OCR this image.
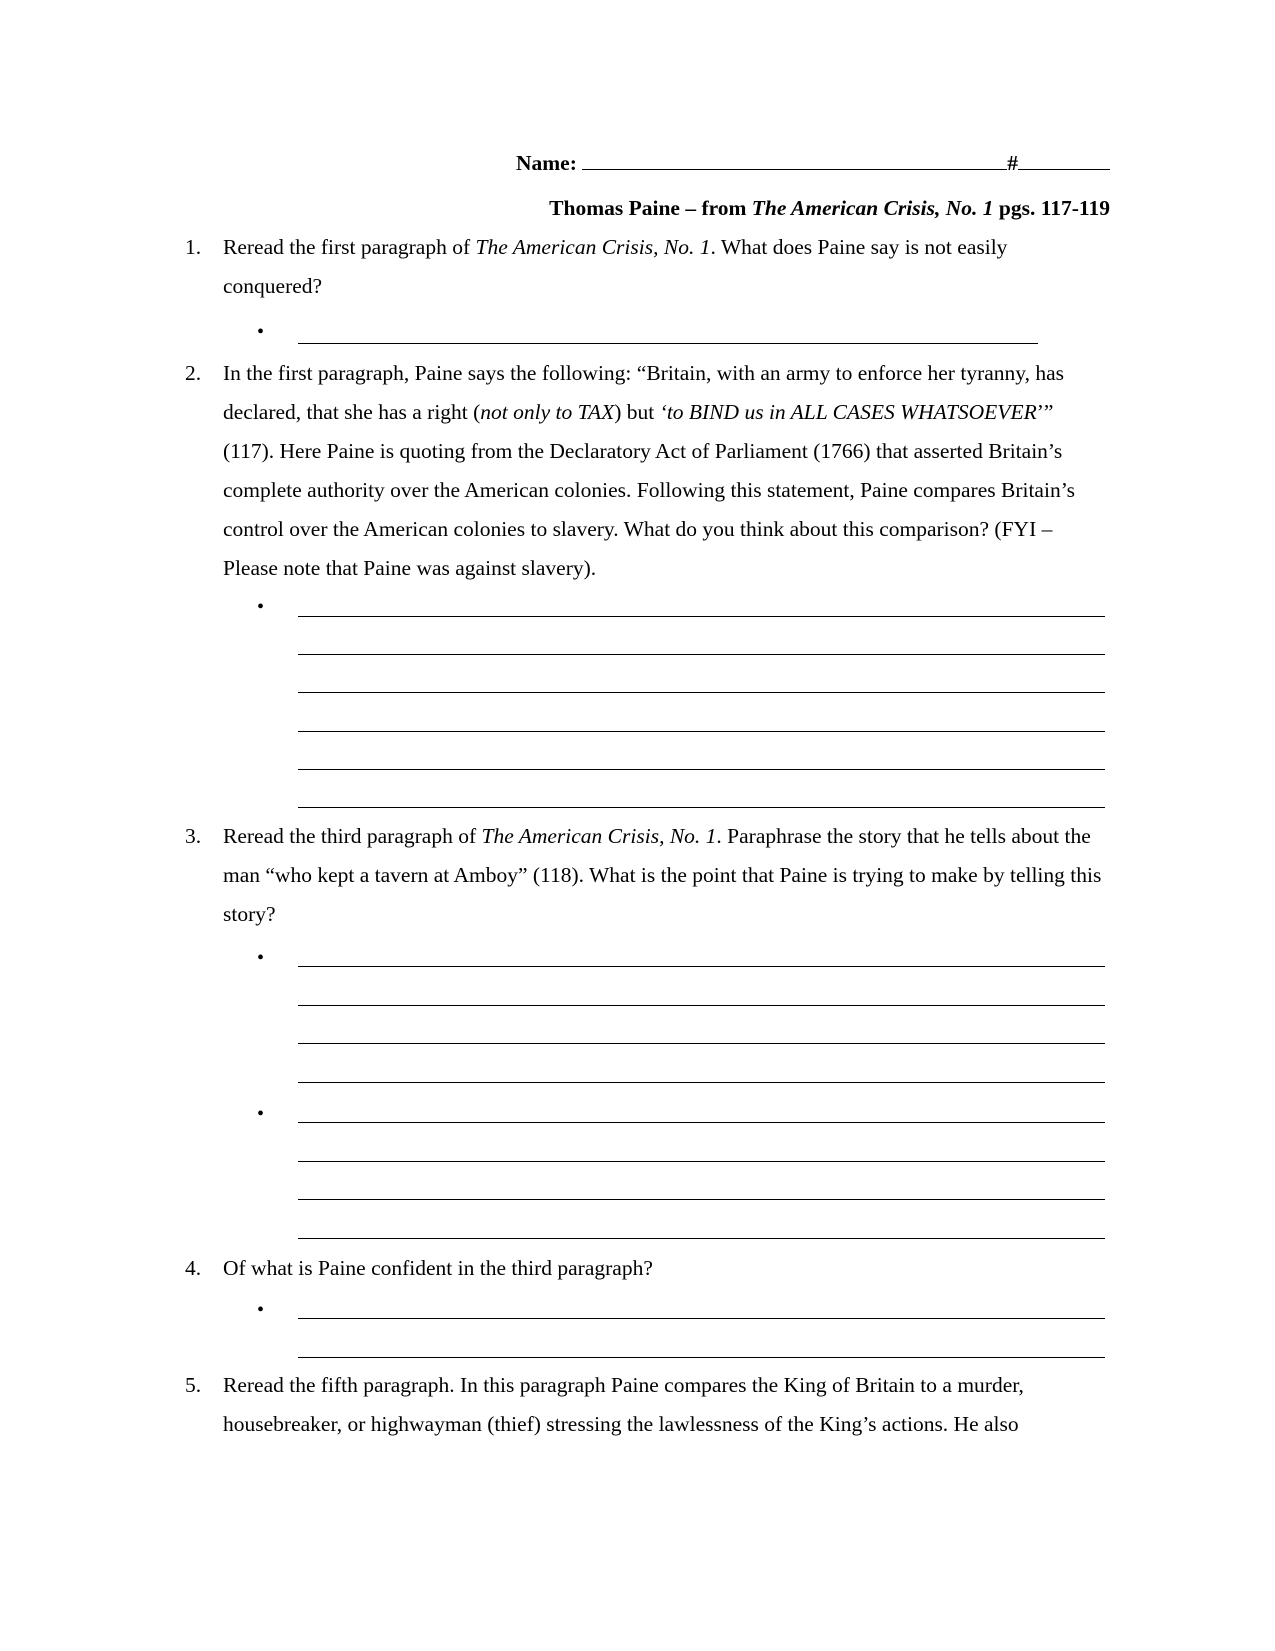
Name:	#
Thomas Paine – from The American Crisis, No. 1 pgs. 117-119
1. Reread the first paragraph of The American Crisis, No. 1. What does Paine say is not easily conquered?
•
2. In the first paragraph, Paine says the following: “Britain, with an army to enforce her tyranny, has declared, that she has a right (not only to TAX) but ‘to BIND us in ALL CASES WHATSOEVER’” (117). Here Paine is quoting from the Declaratory Act of Parliament (1766) that asserted Britain’s complete authority over the American colonies. Following this statement, Paine compares Britain’s control over the American colonies to slavery. What do you think about this comparison? (FYI – Please note that Paine was against slavery).
•
3. Reread the third paragraph of The American Crisis, No. 1. Paraphrase the story that he tells about the man “who kept a tavern at Amboy” (118). What is the point that Paine is trying to make by telling this story?
•
•
4. Of what is Paine confident in the third paragraph?
•
5. Reread the fifth paragraph. In this paragraph Paine compares the King of Britain to a murder, housebreaker, or highwayman (thief) stressing the lawlessness of the King’s actions. He also
